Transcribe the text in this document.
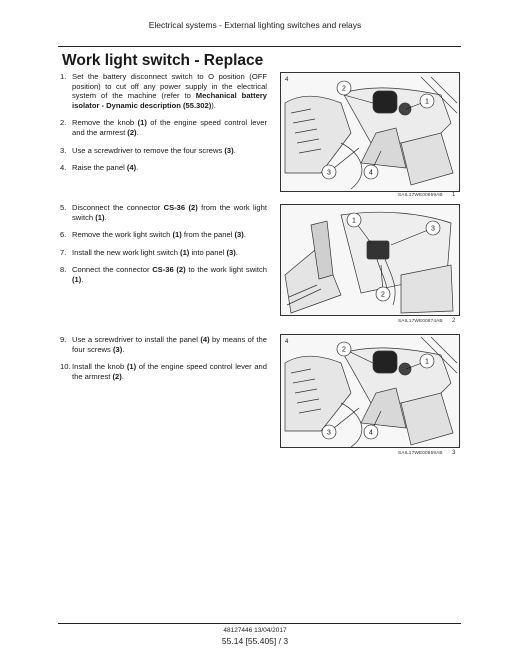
Electrical systems - External lighting switches and relays
Work light switch - Replace
1. Set the battery disconnect switch to O position (OFF position) to cut off any power supply in the electrical system of the machine (refer to Mechanical battery isolator - Dynamic description (55.302)).
2. Remove the knob (1) of the engine speed control lever and the armrest (2).
3. Use a screwdriver to remove the four screws (3).
4. Raise the panel (4).
5. Disconnect the connector CS-36 (2) from the work light switch (1).
6. Remove the work light switch (1) from the panel (3).
7. Install the new work light switch (1) into panel (3).
8. Connect the connector CS-36 (2) to the work light switch (1).
9. Use a screwdriver to install the panel (4) by means of the four screws (3).
10. Install the knob (1) of the engine speed control lever and the armrest (2).
4
2
1
3	4
SAIL17WE00859AB 1
1
3
2
SAIL17WE00874AB 2
4
2
1
3	4
SAIL17WE00859AB 3
48127446 13/04/2017
55.14 [55.405] / 3
